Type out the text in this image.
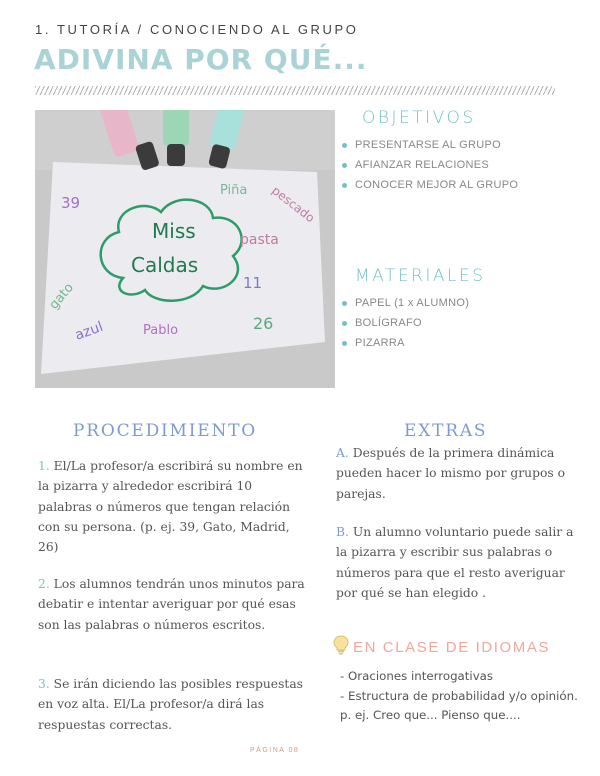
1. TUTORÍA / CONOCIENDO AL GRUPO
ADIVINA POR QUÉ...
Miss
Caldas
39
Piña pescado
pasta
gato	11
azul	Pablo	26
OBJETIVOS
PRESENTARSE AL GRUPO
AFIANZAR RELACIONES
CONOCER MEJOR AL GRUPO
MATERIALES
PAPEL (1 x ALUMNO)
BOLÍGRAFO
PIZARRA
PROCEDIMIENTO
1. El/La profesor/a escribirá su nombre en la pizarra y alrededor escribirá 10 palabras o números que tengan relación con su persona. (p. ej. 39, Gato, Madrid, 26)
2. Los alumnos tendrán unos minutos para debatir e intentar averiguar por qué esas son las palabras o números escritos.
3. Se irán diciendo las posibles respuestas en voz alta. El/La profesor/a dirá las respuestas correctas.
EXTRAS
A. Después de la primera dinámica pueden hacer lo mismo por grupos o parejas.
B. Un alumno voluntario puede salir a la pizarra y escribir sus palabras o números para que el resto averiguar por qué se han elegido .
EN CLASE DE IDIOMAS
- Oraciones interrogativas
- Estructura de probabilidad y/o opinión. p. ej. Creo que... Pienso que....
PÁGINA 08
